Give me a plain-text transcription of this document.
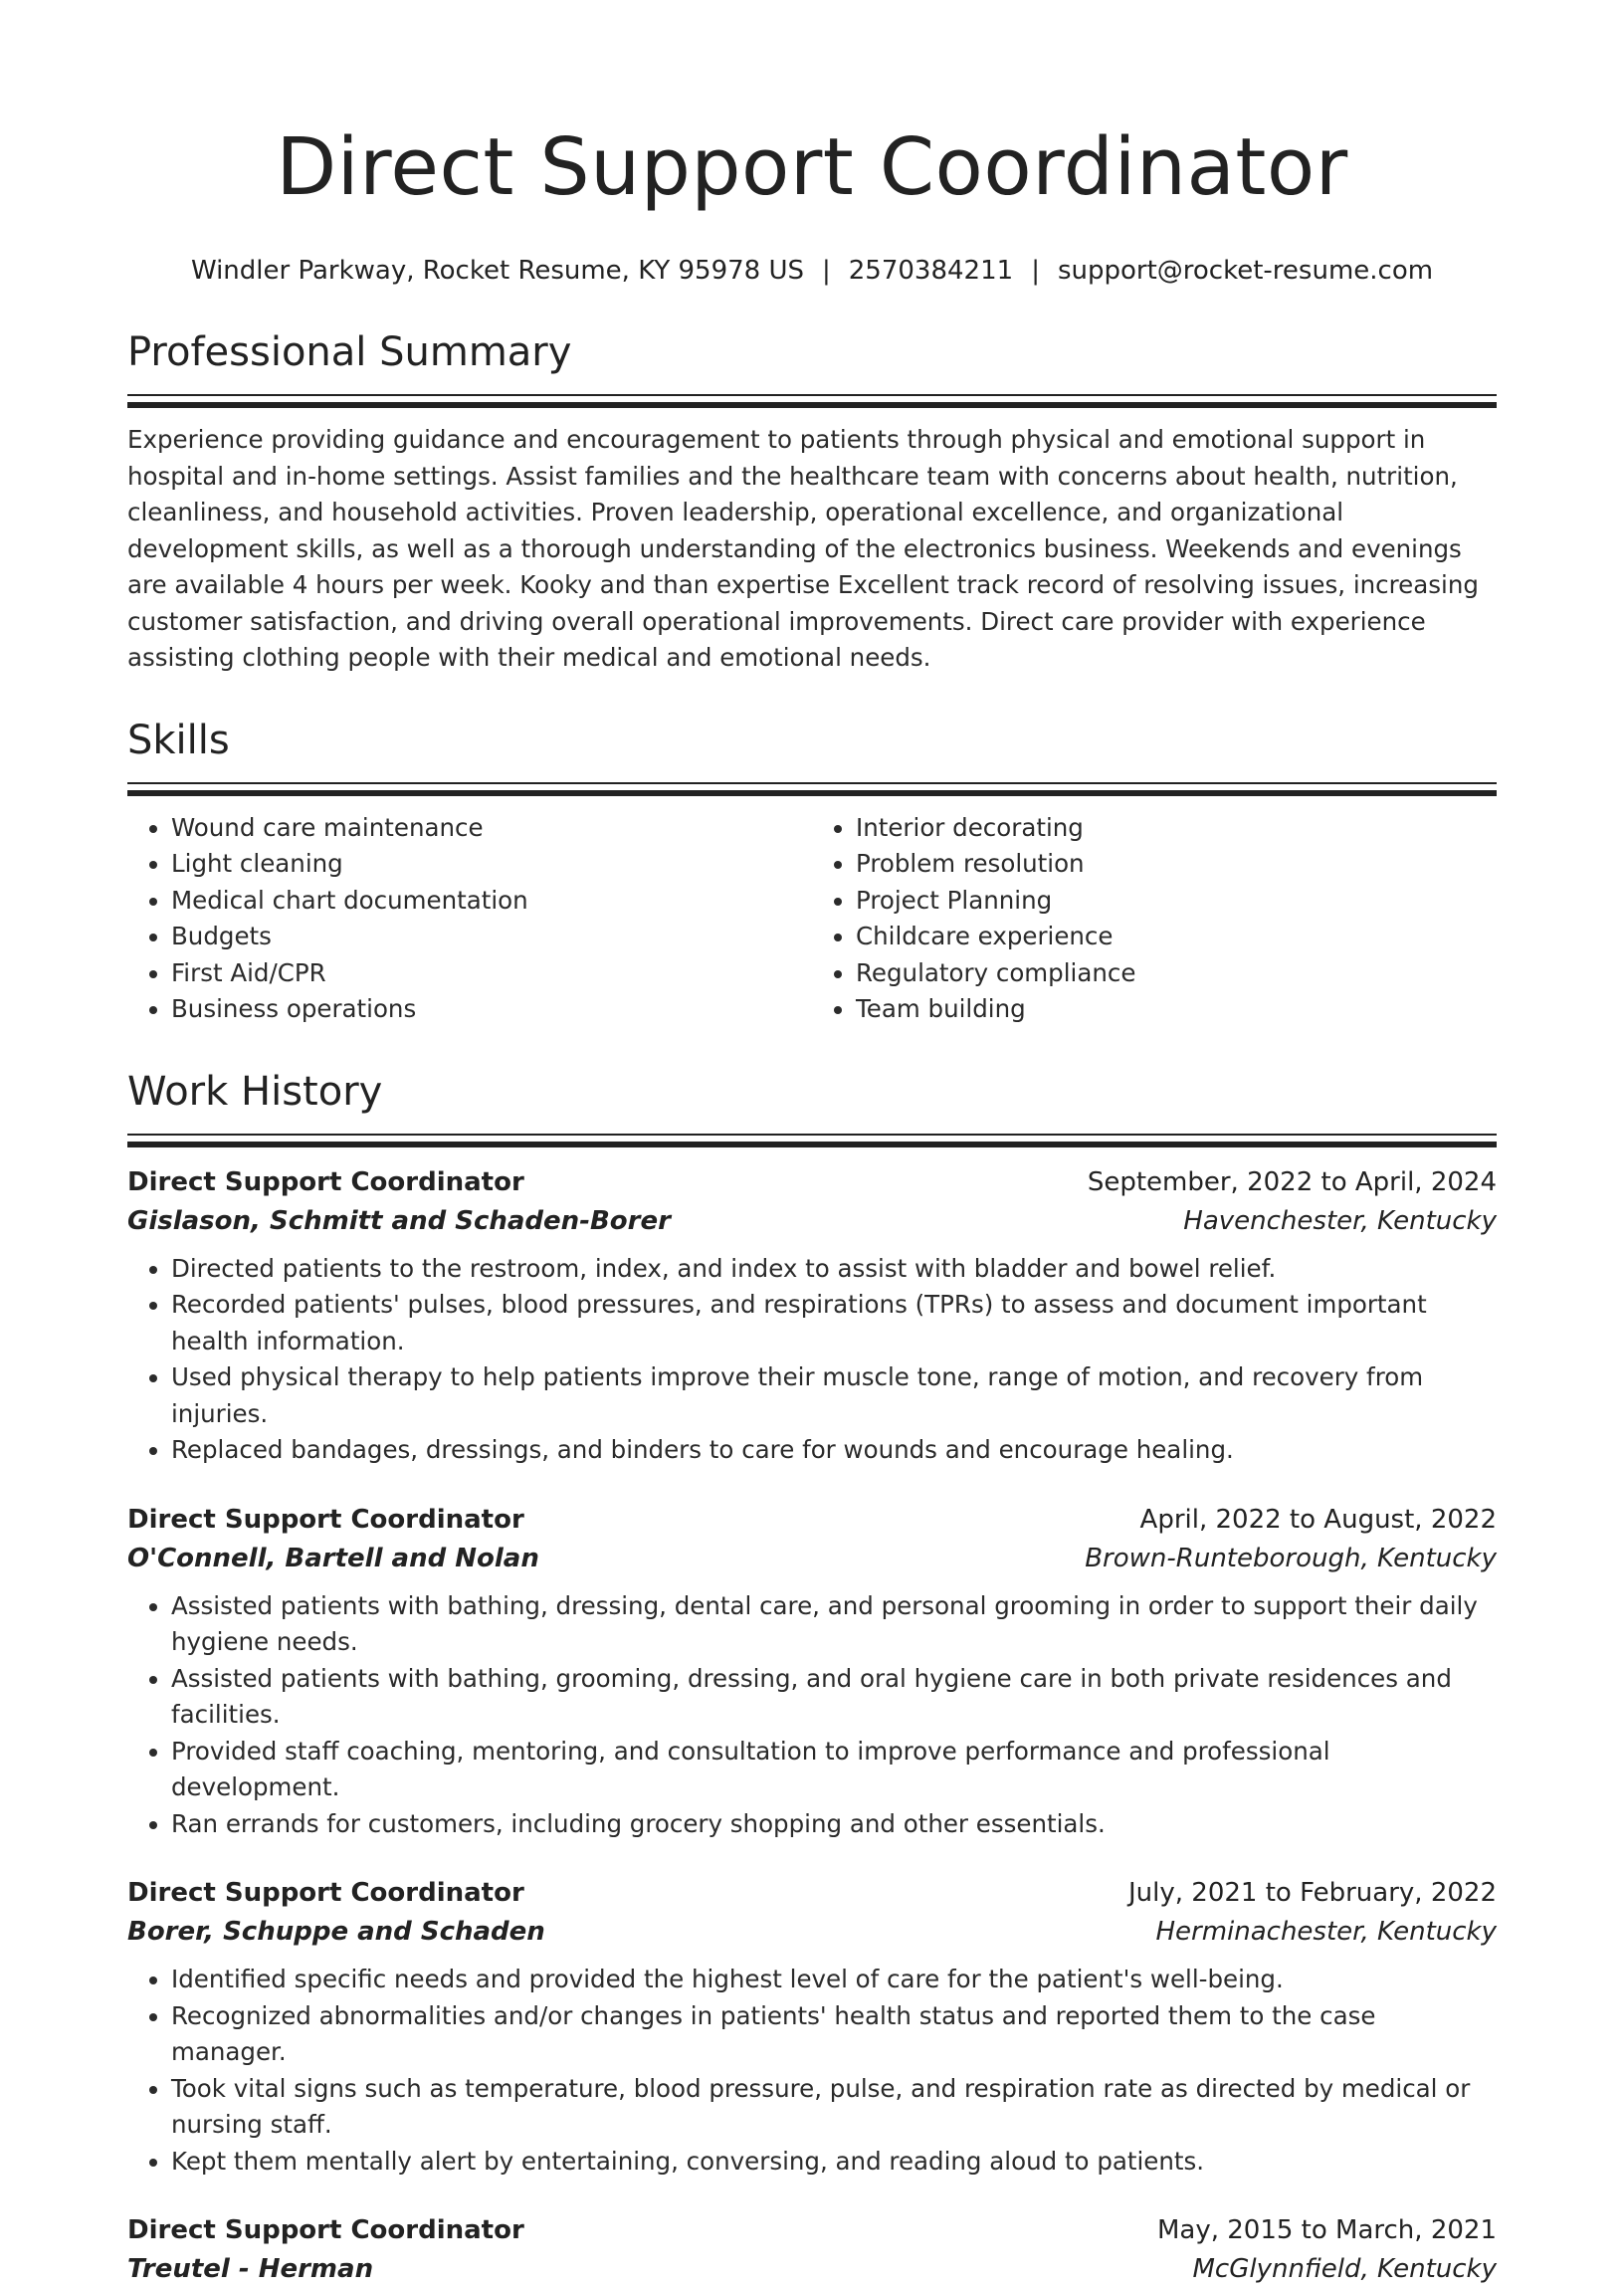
Direct Support Coordinator
Windler Parkway, Rocket Resume, KY 95978 US | 2570384211 | support@rocket-resume.com
Professional Summary

Experience providing guidance and encouragement to patients through physical and emotional support in hospital and in-home settings. Assist families and the healthcare team with concerns about health, nutrition, cleanliness, and household activities. Proven leadership, operational excellence, and organizational development skills, as well as a thorough understanding of the electronics business. Weekends and evenings are available 4 hours per week. Kooky and than expertise Excellent track record of resolving issues, increasing customer satisfaction, and driving overall operational improvements. Direct care provider with experience assisting clothing people with their medical and emotional needs.

Skills
• Wound care maintenance
• Light cleaning
• Medical chart documentation
• Budgets
• First Aid/CPR
• Business operations
• Interior decorating
• Problem resolution
• Project Planning
• Childcare experience
• Regulatory compliance
• Team building
Work History
Direct Support Coordinator	September, 2022 to April, 2024
Gislason, Schmitt and Schaden-Borer	Havenchester, Kentucky
• Directed patients to the restroom, index, and index to assist with bladder and bowel relief.
• Recorded patients' pulses, blood pressures, and respirations (TPRs) to assess and document important health information.
• Used physical therapy to help patients improve their muscle tone, range of motion, and recovery from injuries.
• Replaced bandages, dressings, and binders to care for wounds and encourage healing.
Direct Support Coordinator	April, 2022 to August, 2022
O'Connell, Bartell and Nolan	Brown-Runteborough, Kentucky
• Assisted patients with bathing, dressing, dental care, and personal grooming in order to support their daily hygiene needs.
• Assisted patients with bathing, grooming, dressing, and oral hygiene care in both private residences and facilities.
• Provided staff coaching, mentoring, and consultation to improve performance and professional development.
• Ran errands for customers, including grocery shopping and other essentials.
Direct Support Coordinator	July, 2021 to February, 2022
Borer, Schuppe and Schaden	Herminachester, Kentucky
• Identified specific needs and provided the highest level of care for the patient's well-being.
• Recognized abnormalities and/or changes in patients' health status and reported them to the case manager.
• Took vital signs such as temperature, blood pressure, pulse, and respiration rate as directed by medical or nursing staff.
• Kept them mentally alert by entertaining, conversing, and reading aloud to patients.
Direct Support Coordinator	May, 2015 to March, 2021
Treutel - Herman	McGlynnfield, Kentucky
